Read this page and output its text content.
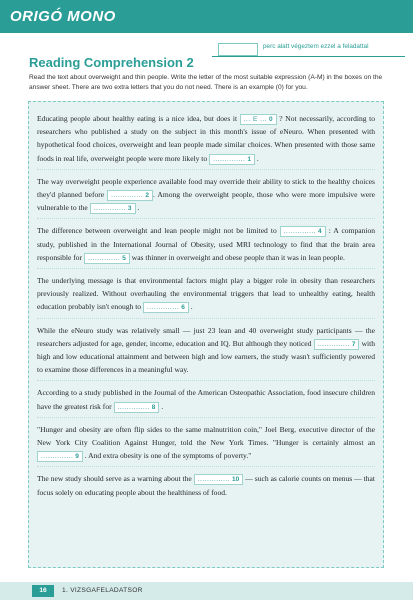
ORIGÓ MONO
perc alatt végeztem ezzel a feladattal
Reading Comprehension 2
Read the text about overweight and thin people. Write the letter of the most suitable expression (A-M) in the boxes on the answer sheet. There are two extra letters that you do not need. There is an example (0) for you.
Educating people about healthy eating is a nice idea, but does it ... E ... 0 ? Not necessarily, according to researchers who published a study on the subject in this month's issue of eNeuro. When presented with hypothetical food choices, overweight and lean people made similar choices. When presented with those same foods in real life, overweight people were more likely to .............. 1 .
The way overweight people experience available food may override their ability to stick to the healthy choices they'd planned before .............. 2 . Among the overweight people, those who were more impulsive were vulnerable to the .............. 3 .
The difference between overweight and lean people might not be limited to .............. 4 : A companion study, published in the International Journal of Obesity, used MRI technology to find that the brain area responsible for .............. 5 was thinner in overweight and obese people than it was in lean people.
The underlying message is that environmental factors might play a bigger role in obesity than researchers previously realized. Without overhauling the environmental triggers that lead to unhealthy eating, health education probably isn't enough to .............. 6 .
While the eNeuro study was relatively small — just 23 lean and 40 overweight study participants — the researchers adjusted for age, gender, income, education and IQ. But although they noticed .............. 7 with high and low educational attainment and between high and low earners, the study wasn't sufficiently powered to examine those differences in a meaningful way.
According to a study published in the Journal of the American Osteopathic Association, food insecure children have the greatest risk for .............. 8 .
"Hunger and obesity are often flip sides to the same malnutrition coin," Joel Berg, executive director of the New York City Coalition Against Hunger, told the New York Times. "Hunger is certainly almost an .............. 9 . And extra obesity is one of the symptoms of poverty."
The new study should serve as a warning about the .............. 10 — such as calorie counts on menus — that focus solely on educating people about the healthiness of food.
16	1. VIZSGAFELADATSOR
